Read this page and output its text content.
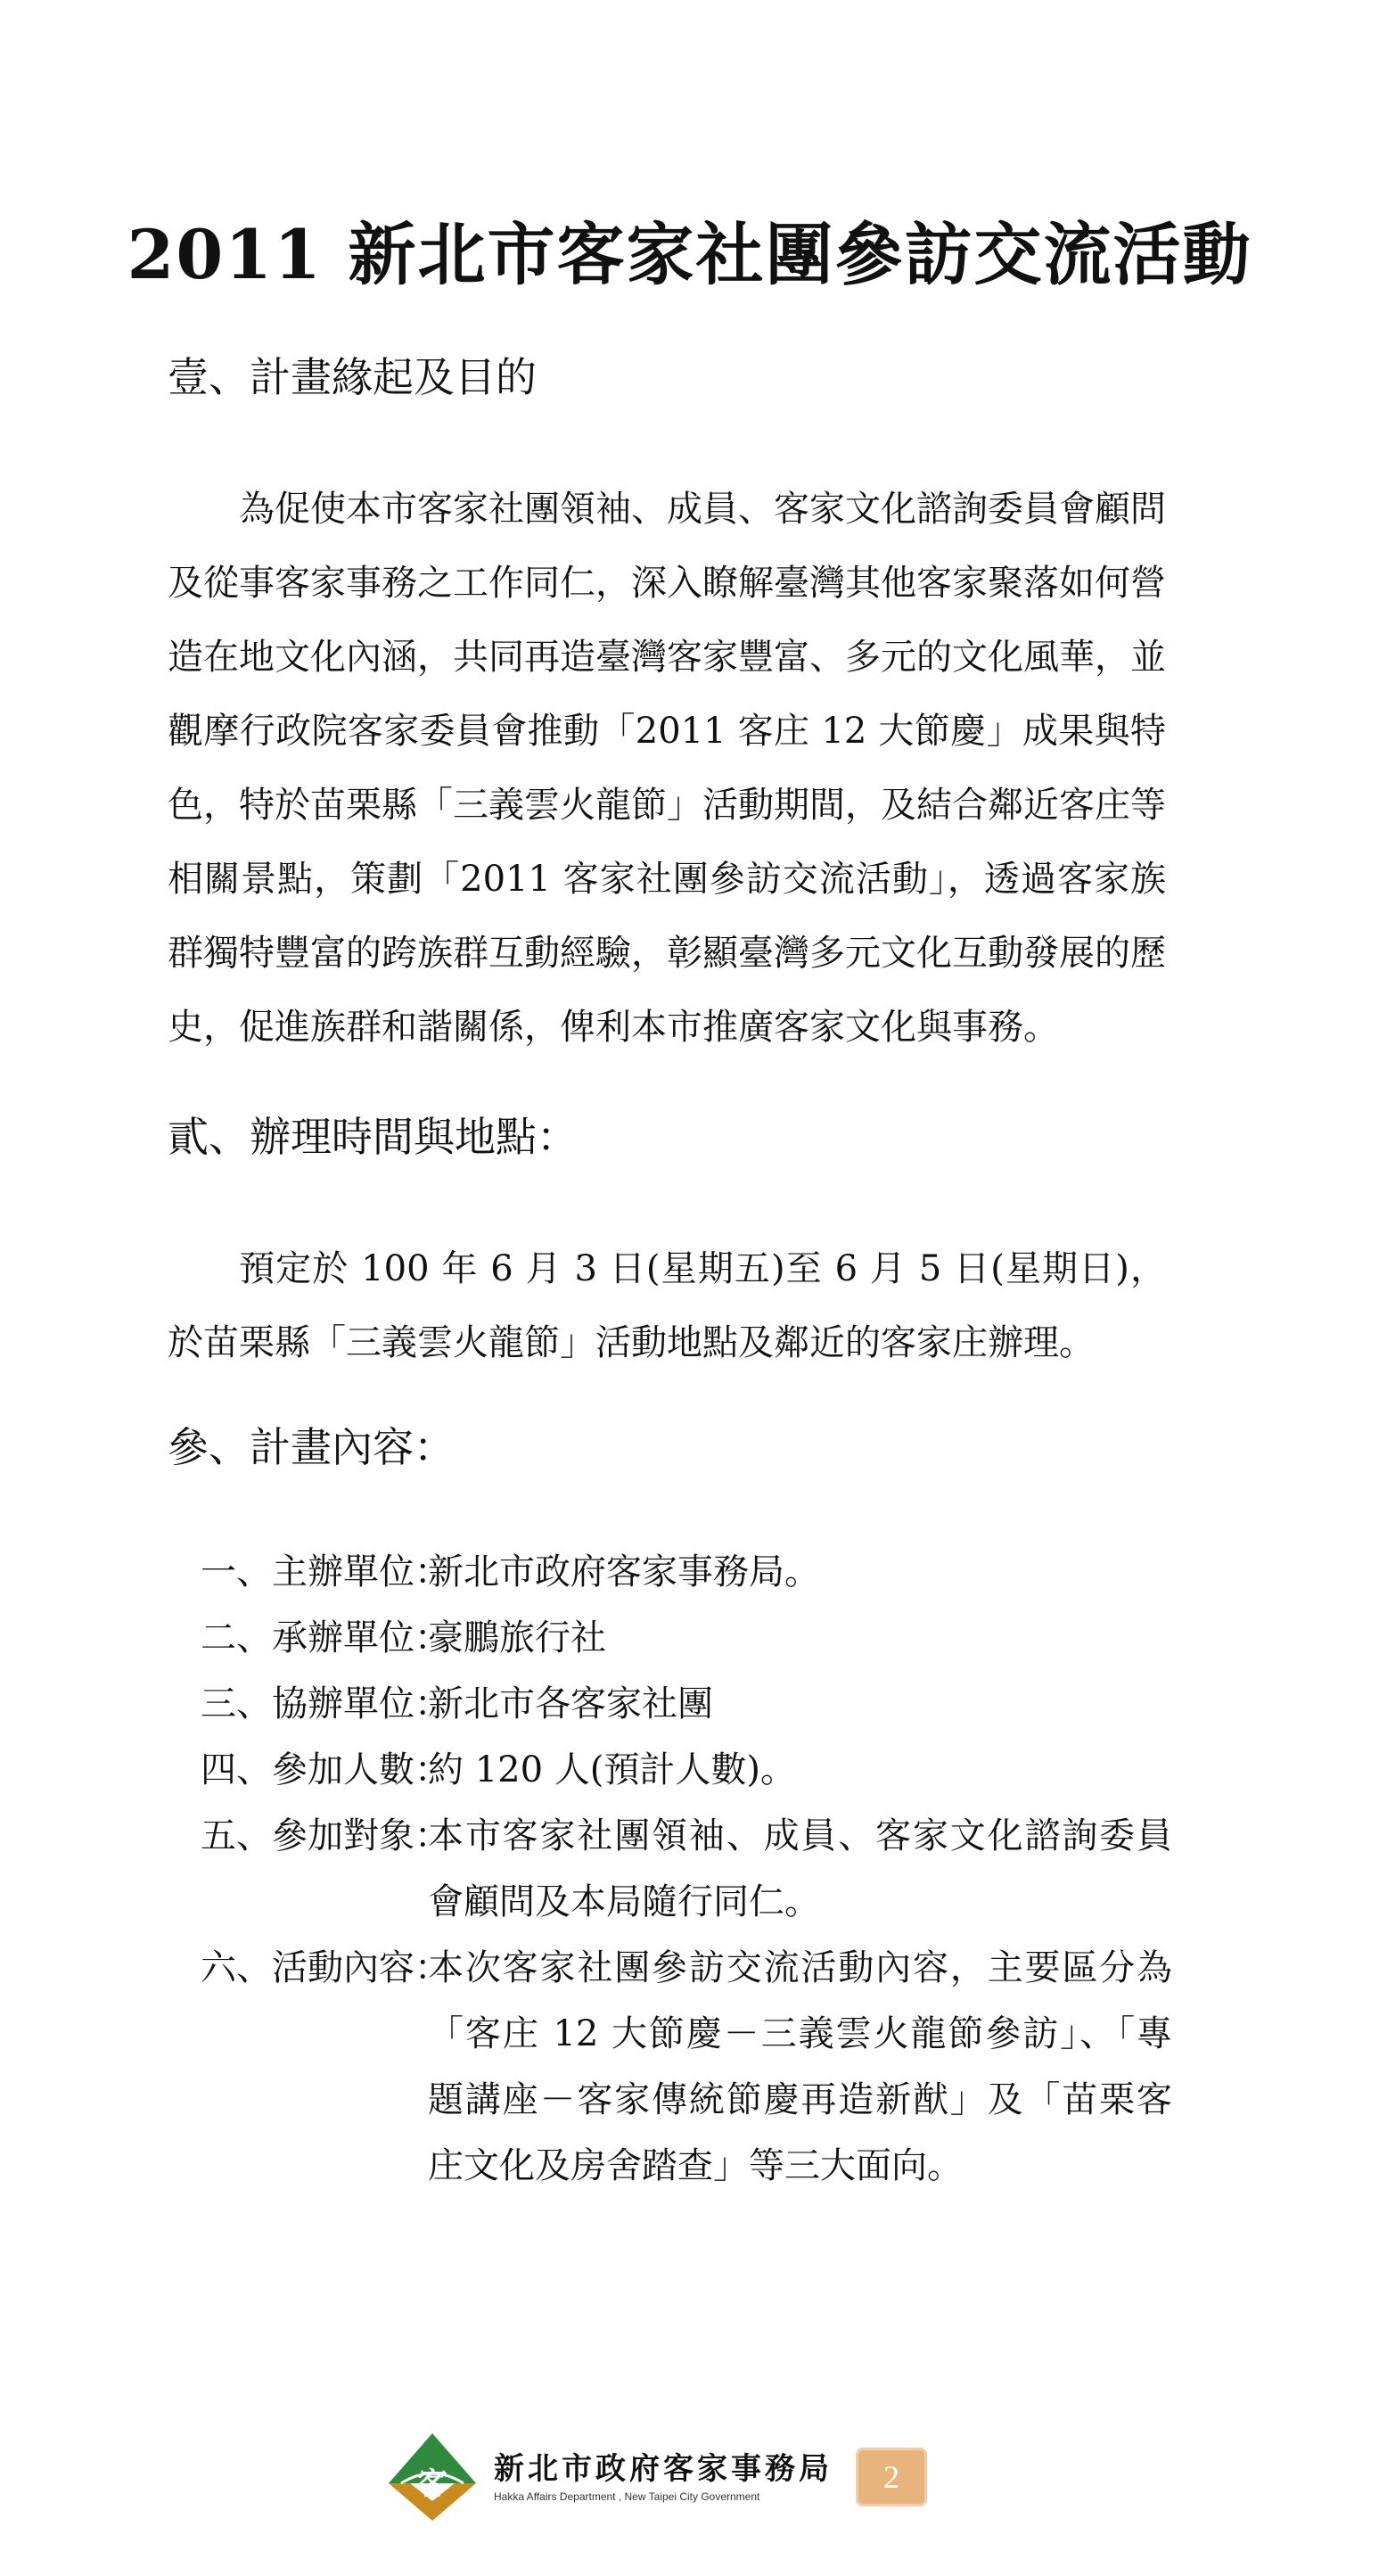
2011 新北市客家社團參訪交流活動
壹、計畫緣起及目的

為促使本市客家社團領袖、成員、客家文化諮詢委員會顧問及從事客家事務之工作同仁，深入瞭解臺灣其他客家聚落如何營造在地文化內涵，共同再造臺灣客家豐富、多元的文化風華，並觀摩行政院客家委員會推動「2011 客庄 12 大節慶」成果與特色，特於苗栗縣「三義雲火龍節」活動期間，及結合鄰近客庄等相關景點，策劃「2011 客家社團參訪交流活動」，透過客家族群獨特豐富的跨族群互動經驗，彰顯臺灣多元文化互動發展的歷史，促進族群和諧關係，俾利本市推廣客家文化與事務。

貳、辦理時間與地點：

預定於 100 年 6 月 3 日(星期五)至 6 月 5 日(星期日)，於苗栗縣「三義雲火龍節」活動地點及鄰近的客家庄辦理。

參、計畫內容：
一、主辦單位：
新北市政府客家事務局。
二、承辦單位：
豪鵬旅行社
三、協辦單位：
新北市各客家社團
四、參加人數：
約 120 人(預計人數)。
五、參加對象：
本市客家社團領袖、成員、客家文化諮詢委員會顧問及本局隨行同仁。
六、活動內容：
本次客家社團參訪交流活動內容，主要區分為「客庄 12 大節慶－三義雲火龍節參訪」、「專題講座－客家傳統節慶再造新猷」及「苗栗客庄文化及房舍踏查」等三大面向。
客 新北市政府客家事務局
Hakka Affairs Department , New Taipei City Government
2
